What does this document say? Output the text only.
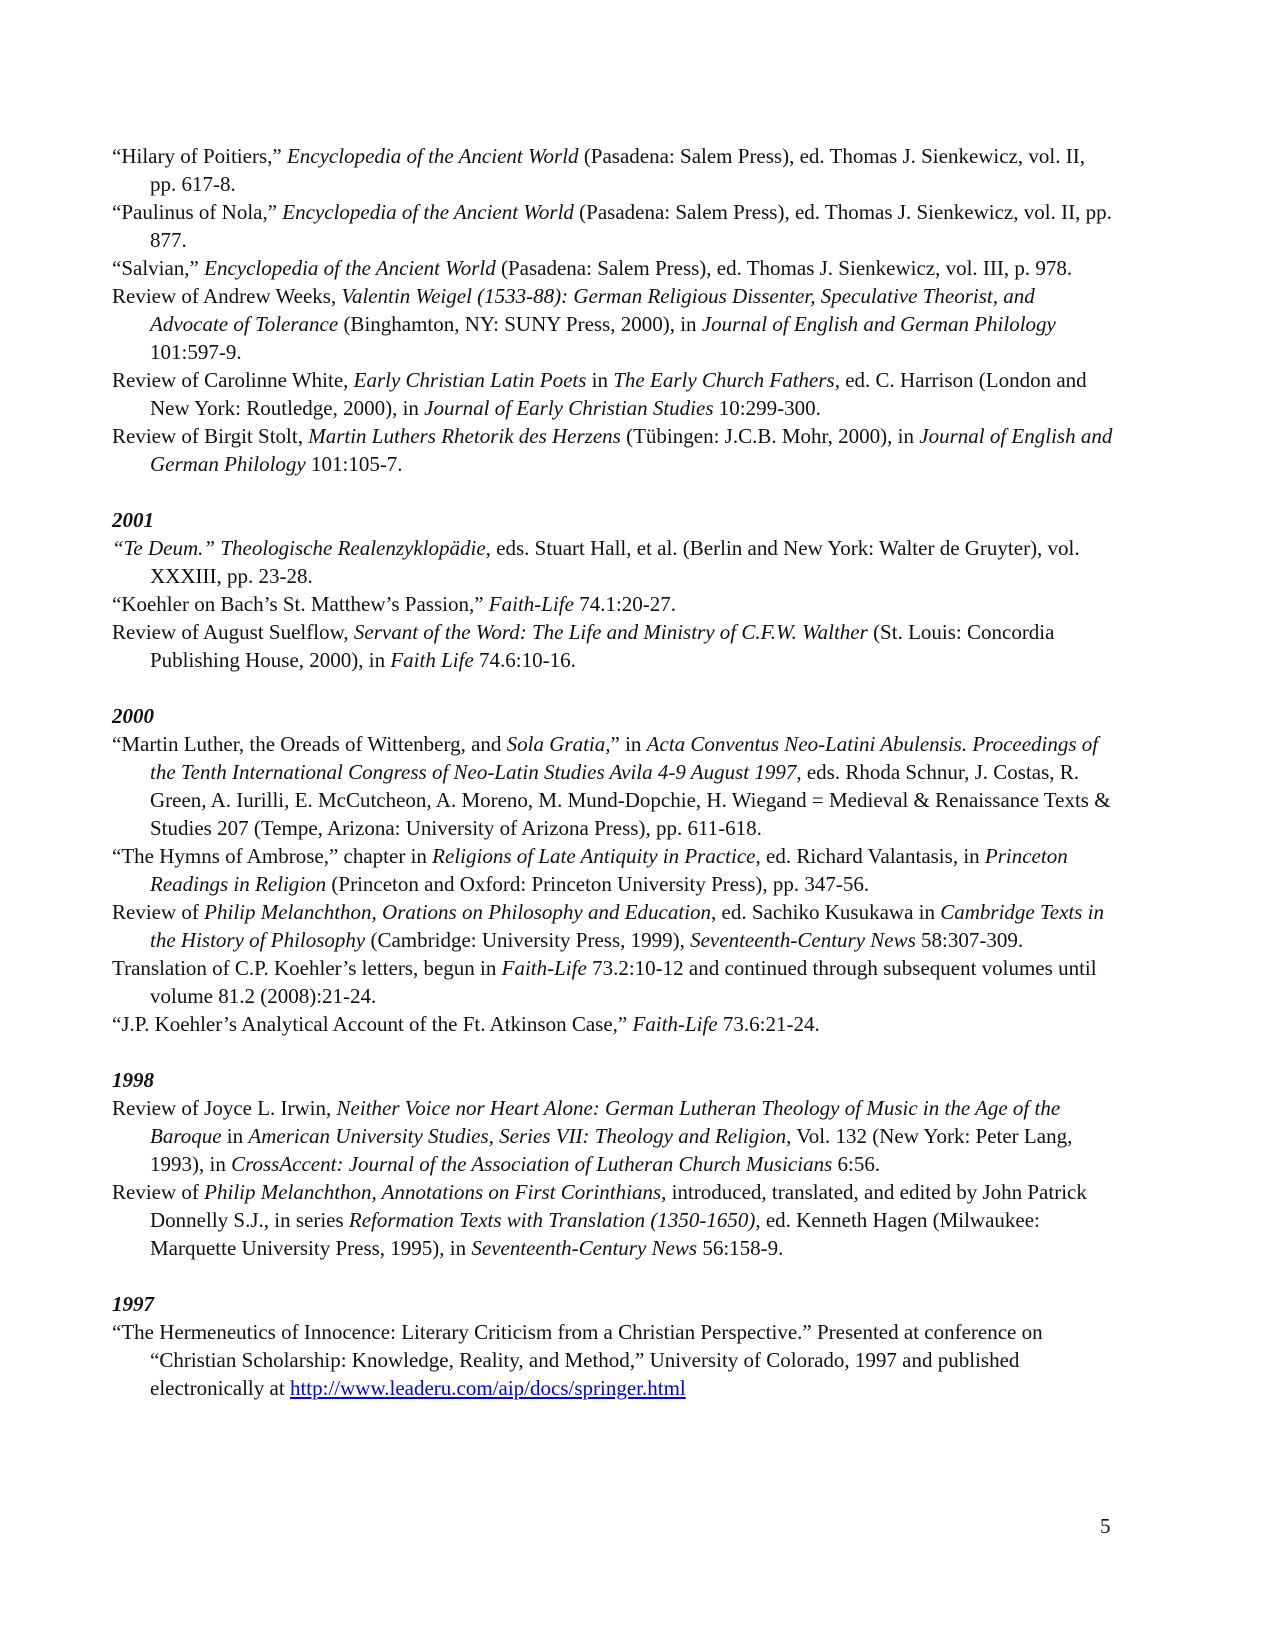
“Hilary of Poitiers,” Encyclopedia of the Ancient World (Pasadena: Salem Press), ed. Thomas J. Sienkewicz, vol. II, pp. 617-8.

“Paulinus of Nola,” Encyclopedia of the Ancient World (Pasadena: Salem Press), ed. Thomas J. Sienkewicz, vol. II, pp. 877.

“Salvian,” Encyclopedia of the Ancient World (Pasadena: Salem Press), ed. Thomas J. Sienkewicz, vol. III, p. 978.

Review of Andrew Weeks, Valentin Weigel (1533-88): German Religious Dissenter, Speculative Theorist, and Advocate of Tolerance (Binghamton, NY: SUNY Press, 2000), in Journal of English and German Philology 101:597-9.

Review of Carolinne White, Early Christian Latin Poets in The Early Church Fathers, ed. C. Harrison (London and New York: Routledge, 2000), in Journal of Early Christian Studies 10:299-300.

Review of Birgit Stolt, Martin Luthers Rhetorik des Herzens (Tübingen: J.C.B. Mohr, 2000), in Journal of English and German Philology 101:105-7.

2001

“Te Deum.” Theologische Realenzyklopädie, eds. Stuart Hall, et al. (Berlin and New York: Walter de Gruyter), vol. XXXIII, pp. 23-28.

“Koehler on Bach’s St. Matthew’s Passion,” Faith-Life 74.1:20-27.

Review of August Suelflow, Servant of the Word: The Life and Ministry of C.F.W. Walther (St. Louis: Concordia Publishing House, 2000), in Faith Life 74.6:10-16.

2000

“Martin Luther, the Oreads of Wittenberg, and Sola Gratia,” in Acta Conventus Neo-Latini Abulensis. Proceedings of the Tenth International Congress of Neo-Latin Studies Avila 4-9 August 1997, eds. Rhoda Schnur, J. Costas, R. Green, A. Iurilli, E. McCutcheon, A. Moreno, M. Mund-Dopchie, H. Wiegand = Medieval & Renaissance Texts & Studies 207 (Tempe, Arizona: University of Arizona Press), pp. 611-618.

“The Hymns of Ambrose,” chapter in Religions of Late Antiquity in Practice, ed. Richard Valantasis, in Princeton Readings in Religion (Princeton and Oxford: Princeton University Press), pp. 347-56.

Review of Philip Melanchthon, Orations on Philosophy and Education, ed. Sachiko Kusukawa in Cambridge Texts in the History of Philosophy (Cambridge: University Press, 1999), Seventeenth-Century News 58:307-309.

Translation of C.P. Koehler’s letters, begun in Faith-Life 73.2:10-12 and continued through subsequent volumes until volume 81.2 (2008):21-24.

“J.P. Koehler’s Analytical Account of the Ft. Atkinson Case,” Faith-Life 73.6:21-24.

1998

Review of Joyce L. Irwin, Neither Voice nor Heart Alone: German Lutheran Theology of Music in the Age of the Baroque in American University Studies, Series VII: Theology and Religion, Vol. 132 (New York: Peter Lang, 1993), in CrossAccent: Journal of the Association of Lutheran Church Musicians 6:56.

Review of Philip Melanchthon, Annotations on First Corinthians, introduced, translated, and edited by John Patrick Donnelly S.J., in series Reformation Texts with Translation (1350-1650), ed. Kenneth Hagen (Milwaukee: Marquette University Press, 1995), in Seventeenth-Century News 56:158-9.

1997

“The Hermeneutics of Innocence: Literary Criticism from a Christian Perspective.” Presented at conference on “Christian Scholarship: Knowledge, Reality, and Method,” University of Colorado, 1997 and published electronically at http://www.leaderu.com/aip/docs/springer.html

5
